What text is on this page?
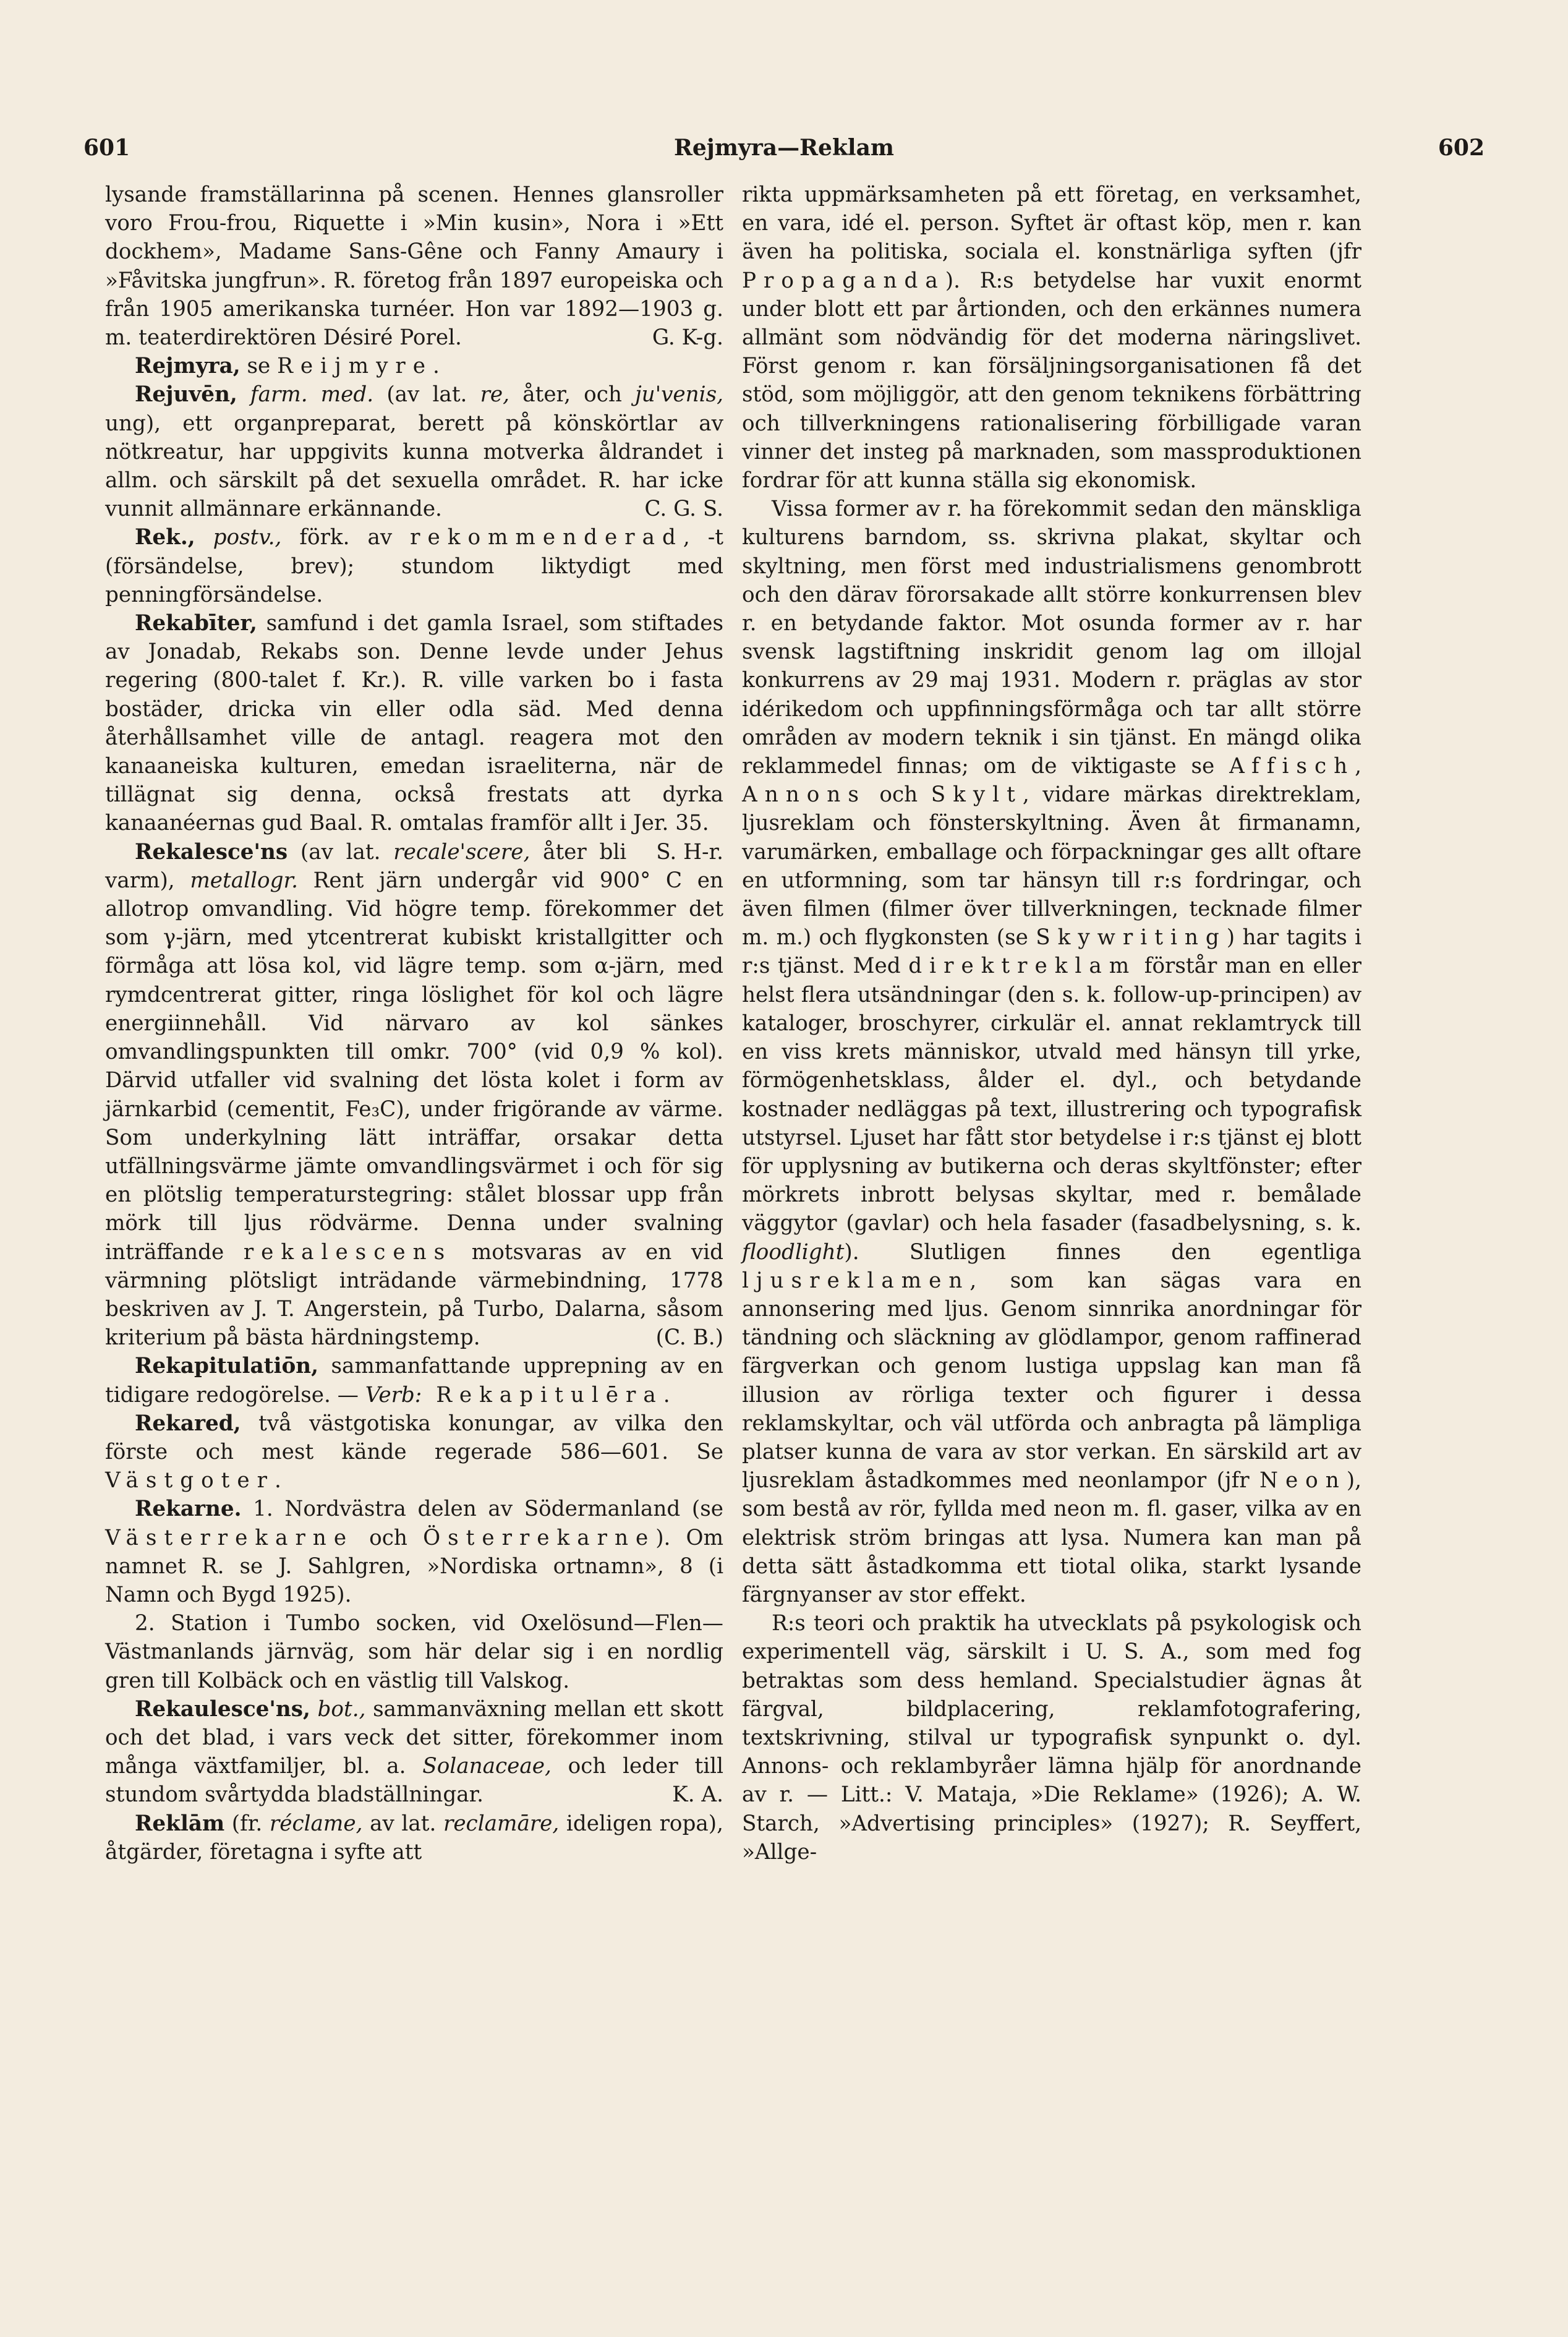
601	Rejmyra—Reklam	602

lysande framställarinna på scenen. Hennes glansroller voro Frou-frou, Riquette i »Min kusin», Nora i »Ett dockhem», Madame Sans-Gêne och Fanny Amaury i »Fåvitska jungfrun». R. företog från 1897 europeiska och från 1905 amerikanska turnéer. Hon var 1892—1903 g. m. teaterdirektören Désiré Porel.	G. K-g.

Rejmyra, se Reijmyre.

Rejuvēn, farm. med. (av lat. re, åter, och ju'venis, ung), ett organpreparat, berett på könskörtlar av nötkreatur, har uppgivits kunna motverka åldrandet i allm. och särskilt på det sexuella området. R. har icke vunnit allmännare erkännande.	C. G. S.

Rek., postv., förk. av rekommenderad, -t (försändelse, brev); stundom liktydigt med penningförsändelse.

Rekabīter, samfund i det gamla Israel, som stiftades av Jonadab, Rekabs son. Denne levde under Jehus regering (800-talet f. Kr.). R. ville varken bo i fasta bostäder, dricka vin eller odla säd. Med denna återhållsamhet ville de antagl. reagera mot den kanaaneiska kulturen, emedan israeliterna, när de tillägnat sig denna, också frestats att dyrka kanaanéernas gud Baal. R. omtalas framför allt i Jer. 35.
S. H-r.

Rekalesce'ns (av lat. recale'scere, åter bli varm), metallogr. Rent järn undergår vid 900° C en allotrop omvandling. Vid högre temp. förekommer det som γ-järn, med ytcentrerat kubiskt kristallgitter och förmåga att lösa kol, vid lägre temp. som α-järn, med rymdcentrerat gitter, ringa löslighet för kol och lägre energiinnehåll. Vid närvaro av kol sänkes omvandlingspunkten till omkr. 700° (vid 0,9 % kol). Därvid utfaller vid svalning det lösta kolet i form av järnkarbid (cementit, Fe₃C), under frigörande av värme. Som underkylning lätt inträffar, orsakar detta utfällningsvärme jämte omvandlingsvärmet i och för sig en plötslig temperaturstegring: stålet blossar upp från mörk till ljus rödvärme. Denna under svalning inträffande rekalescens motsvaras av en vid värmning plötsligt inträdande värmebindning, 1778 beskriven av J. T. Angerstein, på Turbo, Dalarna, såsom kriterium på bästa härdningstemp.	(C. B.)

Rekapitulatiōn, sammanfattande upprepning av en tidigare redogörelse. — Verb: Rekapitulēra.

Rekared, två västgotiska konungar, av vilka den förste och mest kände regerade 586—601. Se Västgoter.

Rekarne. 1. Nordvästra delen av Södermanland (se Västerrekarne och Österrekarne). Om namnet R. se J. Sahlgren, »Nordiska ortnamn», 8 (i Namn och Bygd 1925).

2. Station i Tumbo socken, vid Oxelösund—Flen—Västmanlands järnväg, som här delar sig i en nordlig gren till Kolbäck och en västlig till Valskog.

Rekaulesce'ns, bot., sammanväxning mellan ett skott och det blad, i vars veck det sitter, förekommer inom många växtfamiljer, bl. a. Solanaceae, och leder till stundom svårtydda bladställningar.	K. A.

Reklām (fr. réclame, av lat. reclamāre, ideligen ropa), åtgärder, företagna i syfte att

rikta uppmärksamheten på ett företag, en verksamhet, en vara, idé el. person. Syftet är oftast köp, men r. kan även ha politiska, sociala el. konstnärliga syften (jfr Propaganda). R:s betydelse har vuxit enormt under blott ett par årtionden, och den erkännes numera allmänt som nödvändig för det moderna näringslivet. Först genom r. kan försäljningsorganisationen få det stöd, som möjliggör, att den genom teknikens förbättring och tillverkningens rationalisering förbilligade varan vinner det insteg på marknaden, som massproduktionen fordrar för att kunna ställa sig ekonomisk.

Vissa former av r. ha förekommit sedan den mänskliga kulturens barndom, ss. skrivna plakat, skyltar och skyltning, men först med industrialismens genombrott och den därav förorsakade allt större konkurrensen blev r. en betydande faktor. Mot osunda former av r. har svensk lagstiftning inskridit genom lag om illojal konkurrens av 29 maj 1931. Modern r. präglas av stor idérikedom och uppfinningsförmåga och tar allt större områden av modern teknik i sin tjänst. En mängd olika reklammedel finnas; om de viktigaste se Affisch, Annons och Skylt, vidare märkas direktreklam, ljusreklam och fönsterskyltning. Även åt firmanamn, varumärken, emballage och förpackningar ges allt oftare en utformning, som tar hänsyn till r:s fordringar, och även filmen (filmer över tillverkningen, tecknade filmer m. m.) och flygkonsten (se Skywriting) har tagits i r:s tjänst. Med direktreklam förstår man en eller helst flera utsändningar (den s. k. follow-up-principen) av kataloger, broschyrer, cirkulär el. annat reklamtryck till en viss krets människor, utvald med hänsyn till yrke, förmögenhetsklass, ålder el. dyl., och betydande kostnader nedläggas på text, illustrering och typografisk utstyrsel. Ljuset har fått stor betydelse i r:s tjänst ej blott för upplysning av butikerna och deras skyltfönster; efter mörkrets inbrott belysas skyltar, med r. bemålade väggytor (gavlar) och hela fasader (fasadbelysning, s. k. floodlight). Slutligen finnes den egentliga ljusreklamen, som kan sägas vara en annonsering med ljus. Genom sinnrika anordningar för tändning och släckning av glödlampor, genom raffinerad färgverkan och genom lustiga uppslag kan man få illusion av rörliga texter och figurer i dessa reklamskyltar, och väl utförda och anbragta på lämpliga platser kunna de vara av stor verkan. En särskild art av ljusreklam åstadkommes med neonlampor (jfr Neon), som bestå av rör, fyllda med neon m. fl. gaser, vilka av en elektrisk ström bringas att lysa. Numera kan man på detta sätt åstadkomma ett tiotal olika, starkt lysande färgnyanser av stor effekt.

R:s teori och praktik ha utvecklats på psykologisk och experimentell väg, särskilt i U. S. A., som med fog betraktas som dess hemland. Specialstudier ägnas åt färgval, bildplacering, reklamfotografering, textskrivning, stilval ur typografisk synpunkt o. dyl. Annons- och reklambyråer lämna hjälp för anordnande av r. — Litt.: V. Mataja, »Die Reklame» (1926); A. W. Starch, »Advertising principles» (1927); R. Seyffert, »Allge-
